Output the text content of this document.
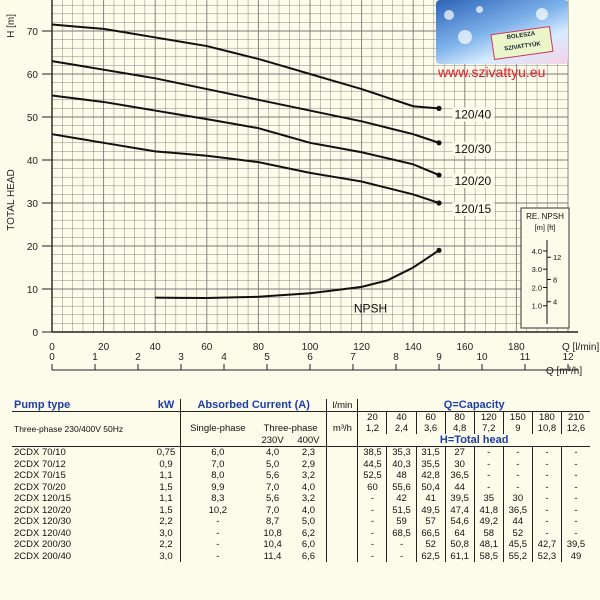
0
10
20
30
40
50
60
70
0	20	40	60	80	100	120	140	160	180
0	1	2	3	4	5	6	7	8	9	10	11	12
H [m]
TOTAL HEAD
Q [l/min]
Q [m³/h]
120/40
120/30
120/20
120/15
NPSH
RE. NPSH
[m] [ft]
1.0
2.0
3.0
4.0
4
8
12
BOLESZA
SZIVATTYÚK
www.szivattyu.eu
Pump type	kW	Absorbed Current (A)			l/min	Q=Capacity							
						20	40	60	80	120	150	180	210
Three-phase 230/400V 50Hz		Single-phase	Three-phase		m³/h	1,2	2,4	3,6	4,8	7,2	9	10,8	12,6
			230V	400V		H=Total head							
2CDX 70/10	0,75	6,0	4,0	2,3		38,5	35,3	31,5	27	-	-	-	-
2CDX 70/12	0,9	7,0	5,0	2,9		44,5	40,3	35,5	30	-	-	-	-
2CDX 70/15	1,1	8,0	5,6	3,2		52,5	48	42,8	36,5	-	-	-	-
2CDX 70/20	1,5	9,9	7,0	4,0		60	55,6	50,4	44	-	-	-	-
2CDX 120/15	1,1	8,3	5,6	3,2		-	42	41	39,5	35	30	-	-
2CDX 120/20	1,5	10,2	7,0	4,0		-	51,5	49,5	47,4	41,8	36,5	-	-
2CDX 120/30	2,2	-	8,7	5,0		-	59	57	54,6	49,2	44	-	-
2CDX 120/40	3,0	-	10,8	6,2		-	68,5	66,5	64	58	52	-	-
2CDX 200/30	2,2	-	10,4	6,0		-	-	52	50,8	48,1	45,5	42,7	39,5
2CDX 200/40	3,0	-	11,4	6,6		-	-	62,5	61,1	58,5	55,2	52,3	49
